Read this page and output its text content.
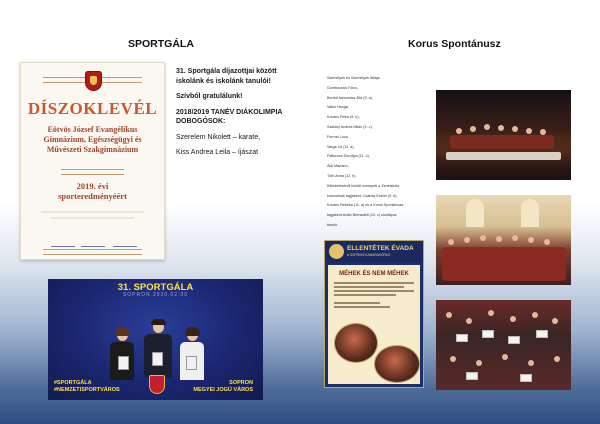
SPORTGÁLA
DÍSZOKLEVÉL
Eötvös József Evangélikus Gimnázium, Egészségügyi és Művészeti Szakgimnázium
2019. évi
sporteredményéért

31. Sportgála díjazottjai között iskolánk és iskolánk tanulói!

Szívből gratulálunk!

2018/2019 TANÉV DIÁKOLIMPIA DOBOGÓSOK:

Szerelem Nikolett – karate,

Kiss Andrea Leila – íjászat

31. SPORTGÁLA
SOPRON 2020.02.06
#SPORTGÁLA
#NEMZETISPORTVÁROS
SOPRON
MEGYEI JOGÚ VÁROS
Korus Spontánusz
Személyek és Személyek listája:
Gombocsics Flóra,
Bertóti Alexandra Zita (9. a),
Valkó Hangá,
Kovács Petra (9. b),
Szalóky András Milán (9. c),
Forrost Luca,
Varga Lili (11. a),
Palkovics Dorottya (11. c),
Áldi Mariann,
Tóth Anna (12. b).
Kitüntetéséből között szerepelt a Zeneiskola
kórusainak tagjaként: Csabay Eszter (9. b),
Kovács Rebeka (11. a) és a Korus Spontánusz
tagjaként Arató Bernadett (10. c) osztályos
tanuló.
ELLENTÉTEK ÉVADA
A SOPRONI KAMARAKÓRUS
MÉHEK ÉS NEM MÉHEK
